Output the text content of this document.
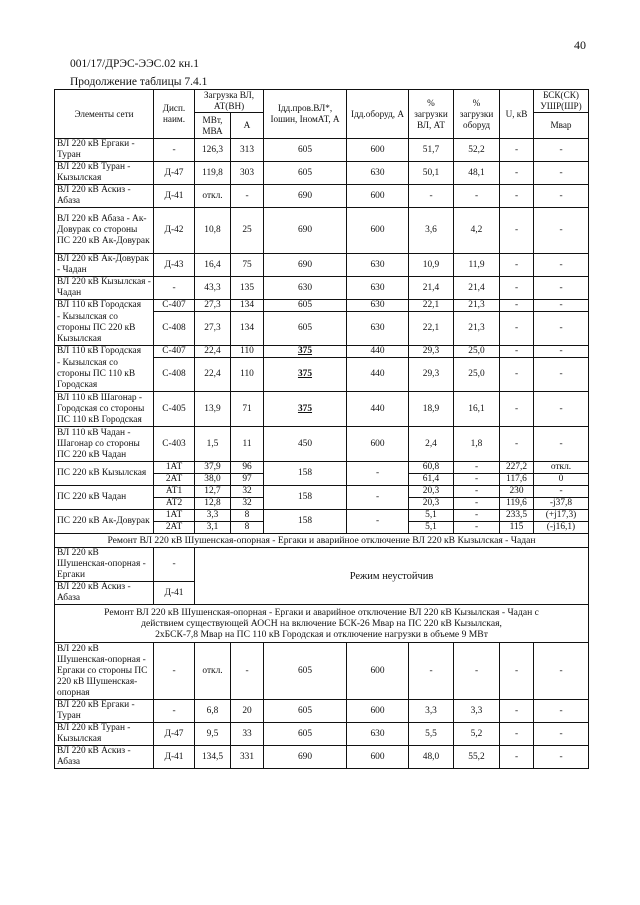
40
001/17/ДРЭС-ЭЭС.02 кн.1
Продолжение таблицы 7.4.1
Элементы сети	Дисп. наим.	Загрузка ВЛ, АТ(ВН)		Iдд.пров.ВЛ*, Iошин, IномАТ, А	Iдд.оборуд, А	% загрузки ВЛ, АТ	% загрузки оборуд	U, кВ	БСК(СК) УШР(ШР)
		МВт, МВА	А						Мвар
ВЛ 220 кВ Ергаки - Туран	-	126,3	313	605	600	51,7	52,2	-	-
ВЛ 220 кВ Туран - Кызылская	Д-47	119,8	303	605	630	50,1	48,1	-	-
ВЛ 220 кВ Аскиз - Абаза	Д-41	откл.	-	690	600	-	-	-	-
ВЛ 220 кВ Абаза - Ак-Довурак со стороны ПС 220 кВ Ак-Довурак	Д-42	10,8	25	690	600	3,6	4,2	-	-
ВЛ 220 кВ Ак-Довурак - Чадан	Д-43	16,4	75	690	630	10,9	11,9	-	-
ВЛ 220 кВ Кызылская - Чадан	-	43,3	135	630	630	21,4	21,4	-	-
ВЛ 110 кВ Городская	С-407	27,3	134	605	630	22,1	21,3	-	-
- Кызылская со стороны ПС 220 кВ Кызылская	С-408	27,3	134	605	630	22,1	21,3	-	-
ВЛ 110 кВ Городская	С-407	22,4	110	375	440	29,3	25,0	-	-
- Кызылская со стороны ПС 110 кВ Городская	С-408	22,4	110	375	440	29,3	25,0	-	-
ВЛ 110 кВ Шагонар - Городская со стороны ПС 110 кВ Городская	С-405	13,9	71	375	440	18,9	16,1	-	-
ВЛ 110 кВ Чадан - Шагонар со стороны ПС 220 кВ Чадан	С-403	1,5	11	450	600	2,4	1,8	-	-
ПС 220 кВ Кызылская	1АТ	37,9	96	158	-	60,8	-	227,2	откл.
	2АТ	38,0	97			61,4	-	117,6	0
ПС 220 кВ Чадан	АТ1	12,7	32	158	-	20,3	-	230	-
	АТ2	12,8	32			20,3	-	119,6	-j37,8
ПС 220 кВ Ак-Довурак	1АТ	3,3	8	158	-	5,1	-	233,5	(+j17,3)
	2АТ	3,1	8			5,1	-	115	(-j16,1)
Ремонт ВЛ 220 кВ Шушенская-опорная - Ергаки и аварийное отключение ВЛ 220 кВ Кызылская - Чадан									
ВЛ 220 кВ Шушенская-опорная - Ергаки	-	Режим неустойчив							
ВЛ 220 кВ Аскиз - Абаза	Д-41								

Ремонт ВЛ 220 кВ Шушенская-опорная - Ергаки и аварийное отключение ВЛ 220 кВ Кызылская - Чадан с
действием существующей АОСН на включение БСК-26 Мвар на ПС 220 кВ Кызылская,
2хБСК-7,8 Мвар на ПС 110 кВ Городская и отключение нагрузки в объеме 9 МВт									

ВЛ 220 кВ Шушенская-опорная - Ергаки со стороны ПС 220 кВ Шушенская-опорная	-	откл.	-	605	600	-	-	-	-
ВЛ 220 кВ Ергаки - Туран	-	6,8	20	605	600	3,3	3,3	-	-
ВЛ 220 кВ Туран - Кызылская	Д-47	9,5	33	605	630	5,5	5,2	-	-
ВЛ 220 кВ Аскиз - Абаза	Д-41	134,5	331	690	600	48,0	55,2	-	-
